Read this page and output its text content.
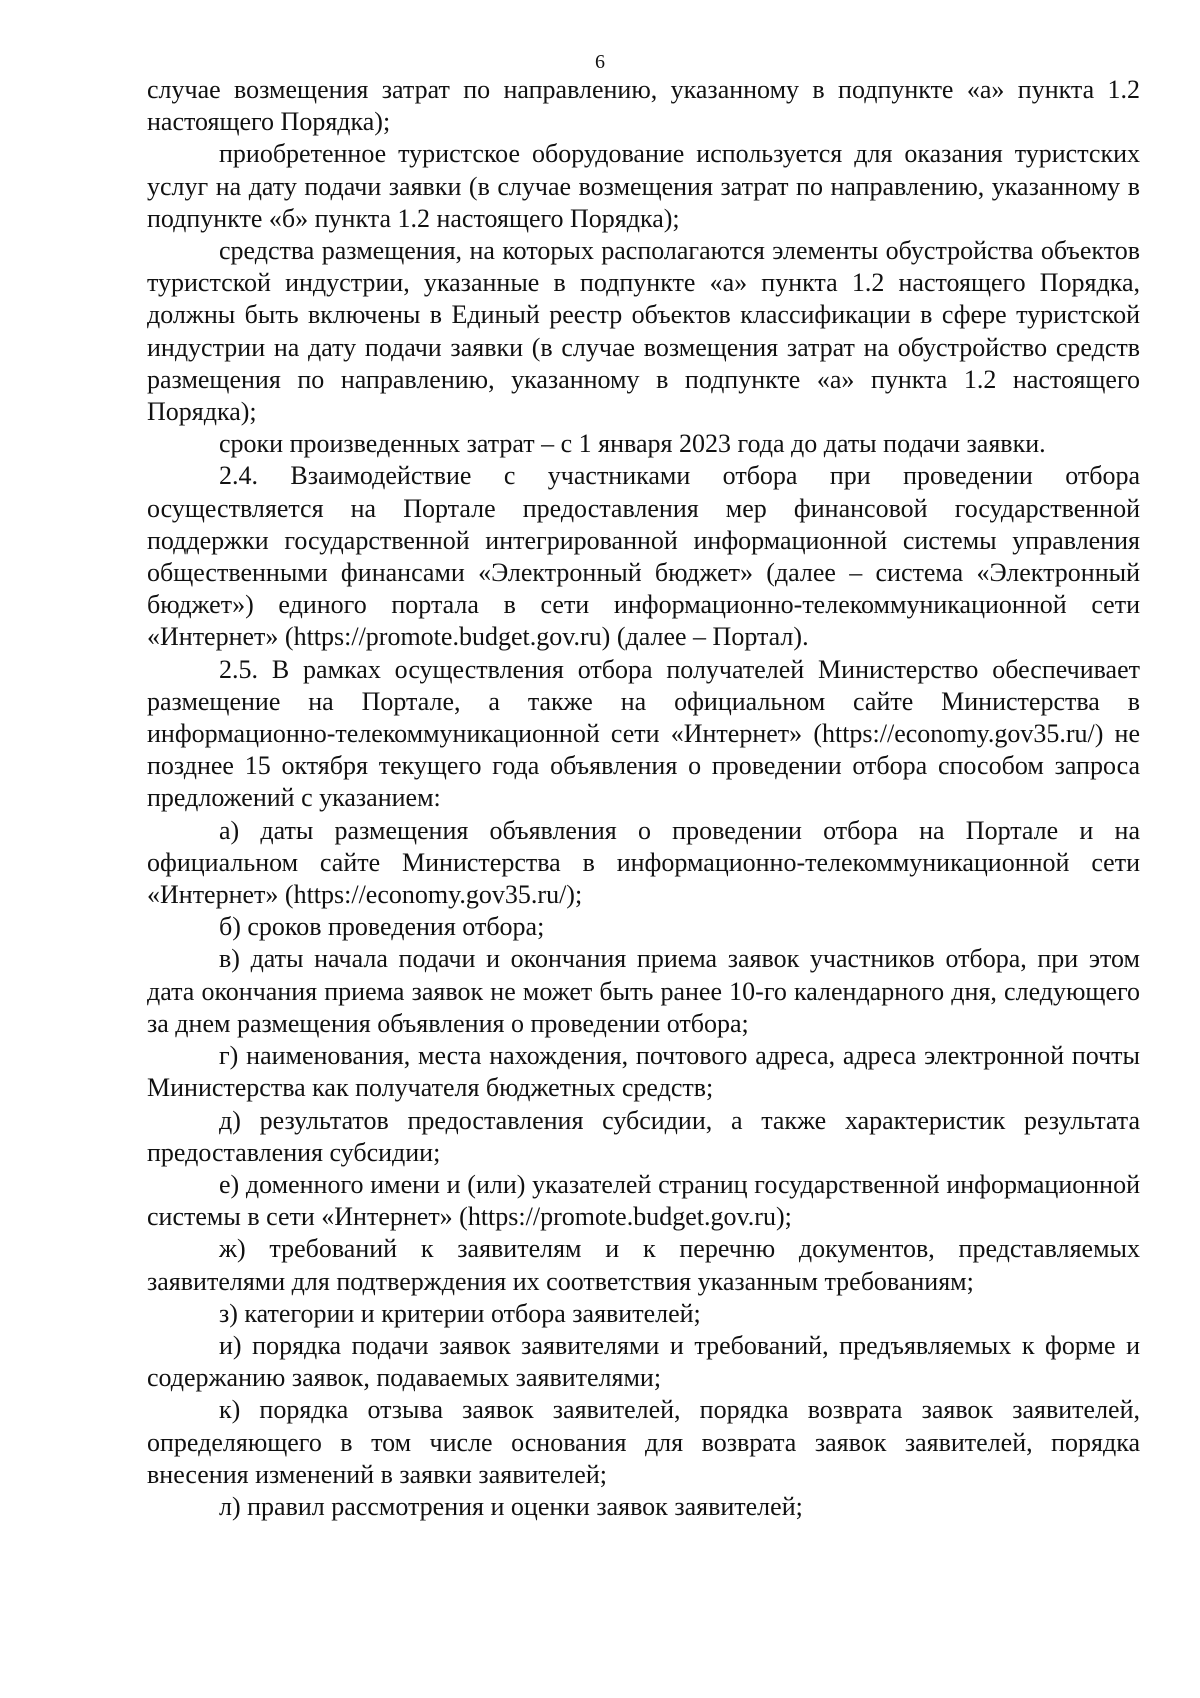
6

случае возмещения затрат по направлению, указанному в подпункте «а» пункта 1.2 настоящего Порядка);

приобретенное туристское оборудование используется для оказания туристских услуг на дату подачи заявки (в случае возмещения затрат по направлению, указанному в подпункте «б» пункта 1.2 настоящего Порядка);

средства размещения, на которых располагаются элементы обустройства объектов туристской индустрии, указанные в подпункте «а» пункта 1.2 настоящего Порядка, должны быть включены в Единый реестр объектов классификации в сфере туристской индустрии на дату подачи заявки (в случае возмещения затрат на обустройство средств размещения по направлению, указанному в подпункте «а» пункта 1.2 настоящего Порядка);

сроки произведенных затрат – с 1 января 2023 года до даты подачи заявки.

2.4. Взаимодействие с участниками отбора при проведении отбора осуществляется на Портале предоставления мер финансовой государственной поддержки государственной интегрированной информационной системы управления общественными финансами «Электронный бюджет» (далее – система «Электронный бюджет») единого портала в сети информационно-телекоммуникационной сети «Интернет» (https://promote.budget.gov.ru) (далее – Портал).

2.5. В рамках осуществления отбора получателей Министерство обеспечивает размещение на Портале, а также на официальном сайте Министерства в информационно-телекоммуникационной сети «Интернет» (https://economy.gov35.ru/) не позднее 15 октября текущего года объявления о проведении отбора способом запроса предложений с указанием:

а) даты размещения объявления о проведении отбора на Портале и на официальном сайте Министерства в информационно-телекоммуникационной сети «Интернет» (https://economy.gov35.ru/);

б) сроков проведения отбора;

в) даты начала подачи и окончания приема заявок участников отбора, при этом дата окончания приема заявок не может быть ранее 10-го календарного дня, следующего за днем размещения объявления о проведении отбора;

г) наименования, места нахождения, почтового адреса, адреса электронной почты Министерства как получателя бюджетных средств;

д) результатов предоставления субсидии, а также характеристик результата предоставления субсидии;

е) доменного имени и (или) указателей страниц государственной информационной системы в сети «Интернет» (https://promote.budget.gov.ru);

ж) требований к заявителям и к перечню документов, представляемых заявителями для подтверждения их соответствия указанным требованиям;

з) категории и критерии отбора заявителей;

и) порядка подачи заявок заявителями и требований, предъявляемых к форме и содержанию заявок, подаваемых заявителями;

к) порядка отзыва заявок заявителей, порядка возврата заявок заявителей, определяющего в том числе основания для возврата заявок заявителей, порядка внесения изменений в заявки заявителей;

л) правил рассмотрения и оценки заявок заявителей;
